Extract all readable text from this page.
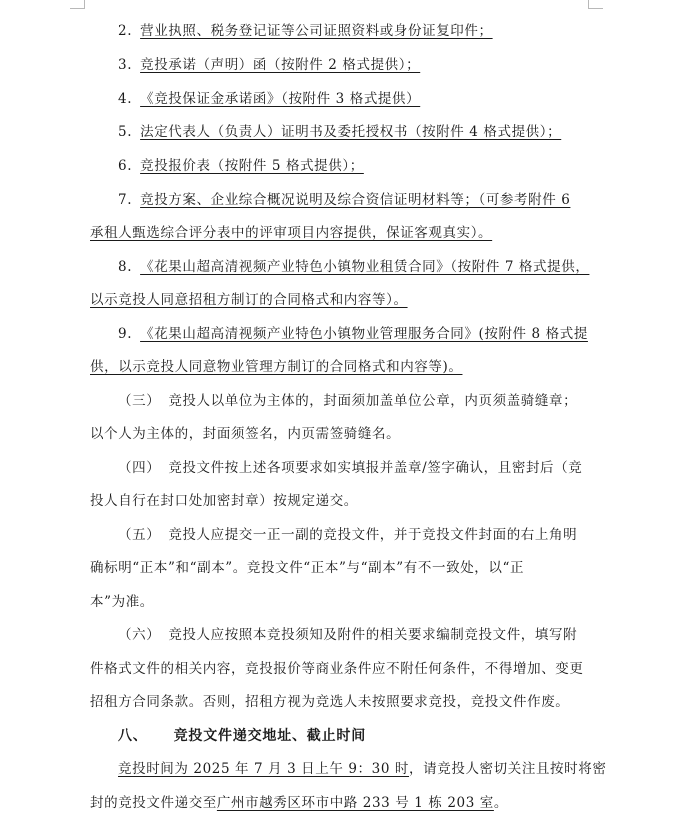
2. 营业执照、税务登记证等公司证照资料或身份证复印件；
3. 竞投承诺（声明）函（按附件 2 格式提供）；
4. 《竞投保证金承诺函》（按附件 3 格式提供）
5. 法定代表人（负责人）证明书及委托授权书（按附件 4 格式提供）；
6. 竞投报价表（按附件 5 格式提供）；
7. 竞投方案、企业综合概况说明及综合资信证明材料等；（可参考附件 6
承租人甄选综合评分表中的评审项目内容提供，保证客观真实）。
8. 《花果山超高清视频产业特色小镇物业租赁合同》（按附件 7 格式提供，
以示竞投人同意招租方制订的合同格式和内容等）。
9. 《花果山超高清视频产业特色小镇物业管理服务合同》(按附件 8 格式提
供，以示竞投人同意物业管理方制订的合同格式和内容等)。
（三） 竞投人以单位为主体的，封面须加盖单位公章，内页须盖骑缝章；
以个人为主体的，封面须签名，内页需签骑缝名。
（四） 竞投文件按上述各项要求如实填报并盖章/签字确认，且密封后（竞
投人自行在封口处加密封章）按规定递交。
（五） 竞投人应提交一正一副的竞投文件，并于竞投文件封面的右上角明
确标明“正本”和“副本”。竞投文件“正本”与“副本”有不一致处，以“正
本”为准。
（六） 竞投人应按照本竞投须知及附件的相关要求编制竞投文件，填写附
件格式文件的相关内容，竞投报价等商业条件应不附任何条件，不得增加、变更
招租方合同条款。否则，招租方视为竞选人未按照要求竞投，竞投文件作废。
八、 竞投文件递交地址、截止时间
竞投时间为 2025 年 7 月 3 日上午 9：30 时，请竞投人密切关注且按时将密
封的竞投文件递交至广州市越秀区环市中路 233 号 1 栋 203 室。
